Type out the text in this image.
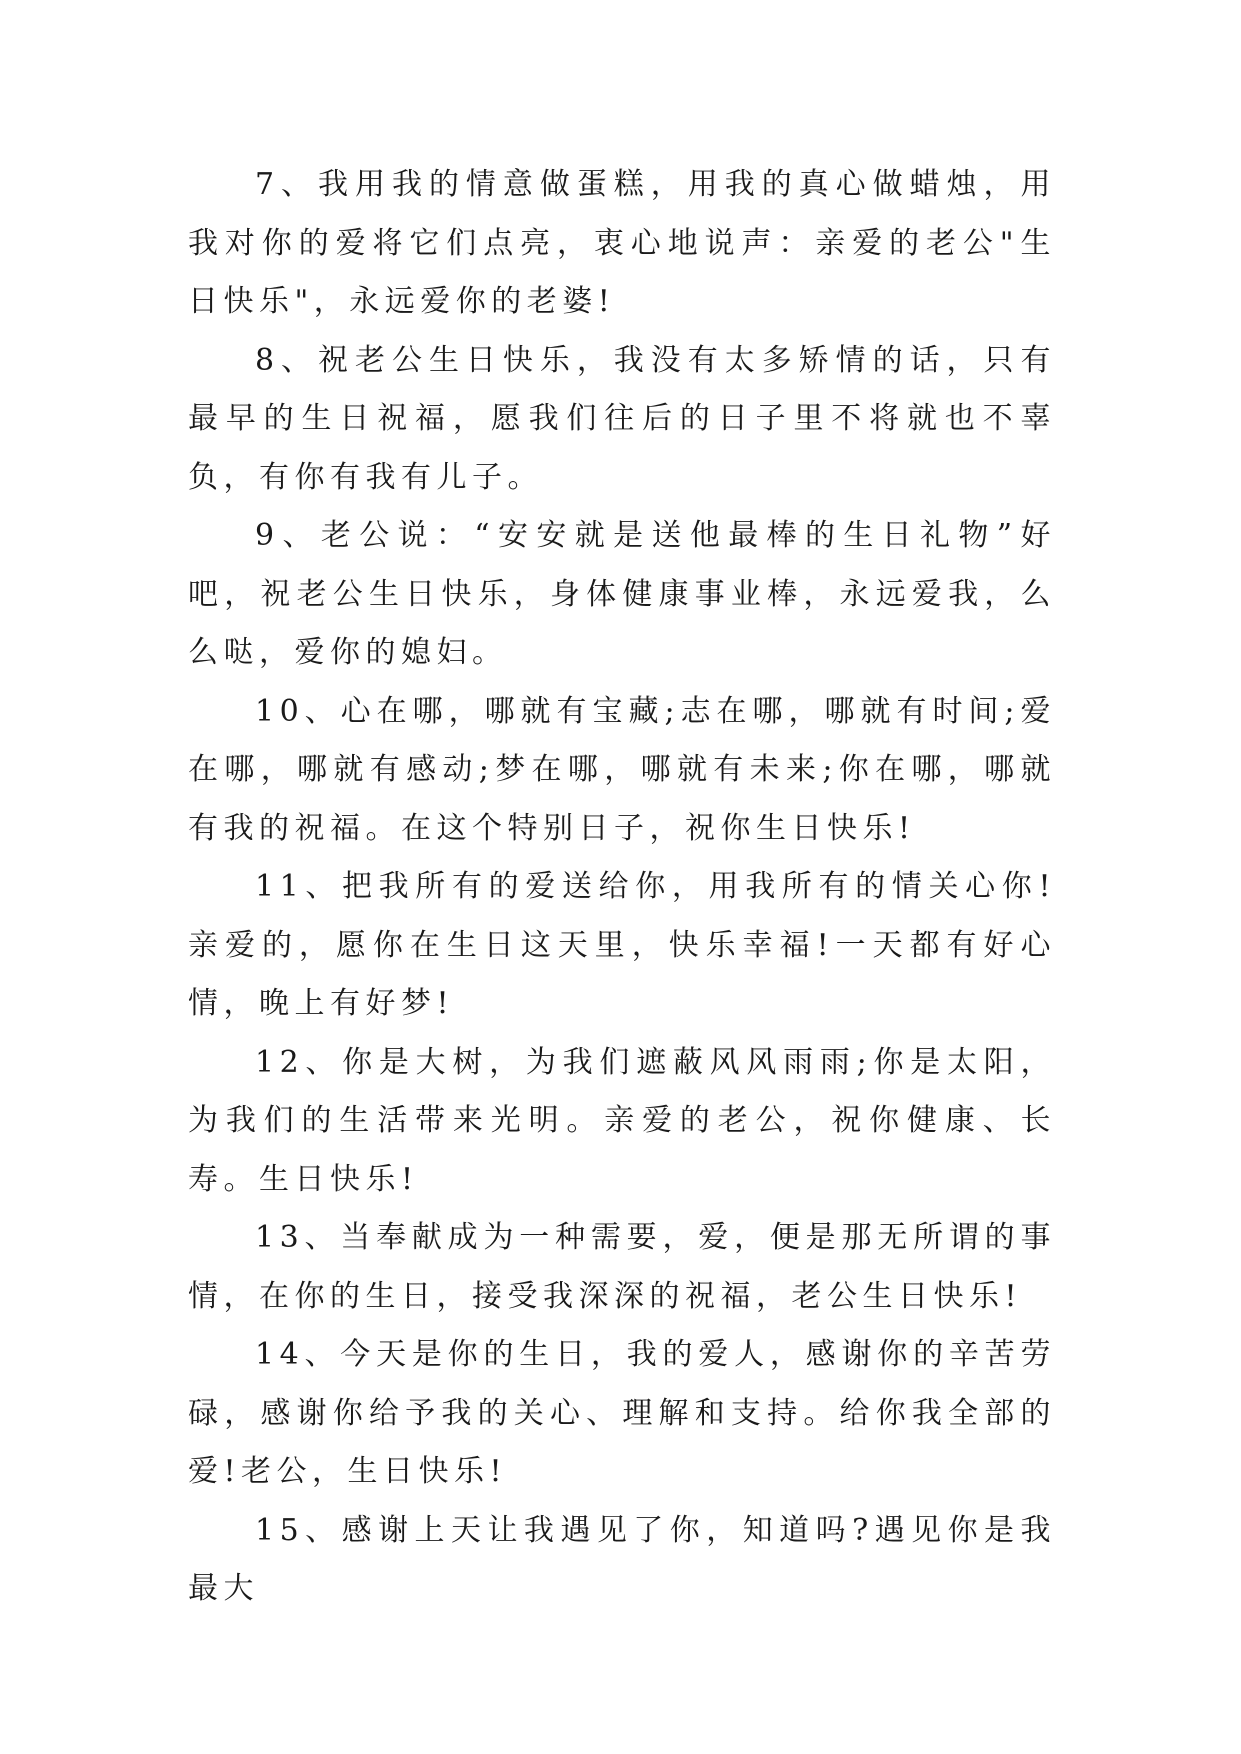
7、我用我的情意做蛋糕，用我的真心做蜡烛，用我对你的爱将它们点亮，衷心地说声：亲爱的老公"生日快乐"，永远爱你的老婆!

8、祝老公生日快乐，我没有太多矫情的话，只有最早的生日祝福，愿我们往后的日子里不将就也不辜负，有你有我有儿子。

9、老公说：“安安就是送他最棒的生日礼物”好吧，祝老公生日快乐，身体健康事业棒，永远爱我，么么哒，爱你的媳妇。

10、心在哪，哪就有宝藏;志在哪，哪就有时间;爱在哪，哪就有感动;梦在哪，哪就有未来;你在哪，哪就有我的祝福。在这个特别日子，祝你生日快乐!

11、把我所有的爱送给你，用我所有的情关心你!亲爱的，愿你在生日这天里，快乐幸福!一天都有好心情，晚上有好梦!

12、你是大树，为我们遮蔽风风雨雨;你是太阳，为我们的生活带来光明。亲爱的老公，祝你健康、长寿。生日快乐!

13、当奉献成为一种需要，爱，便是那无所谓的事情，在你的生日，接受我深深的祝福，老公生日快乐!

14、今天是你的生日，我的爱人，感谢你的辛苦劳碌，感谢你给予我的关心、理解和支持。给你我全部的爱!老公，生日快乐!

15、感谢上天让我遇见了你，知道吗?遇见你是我最大
